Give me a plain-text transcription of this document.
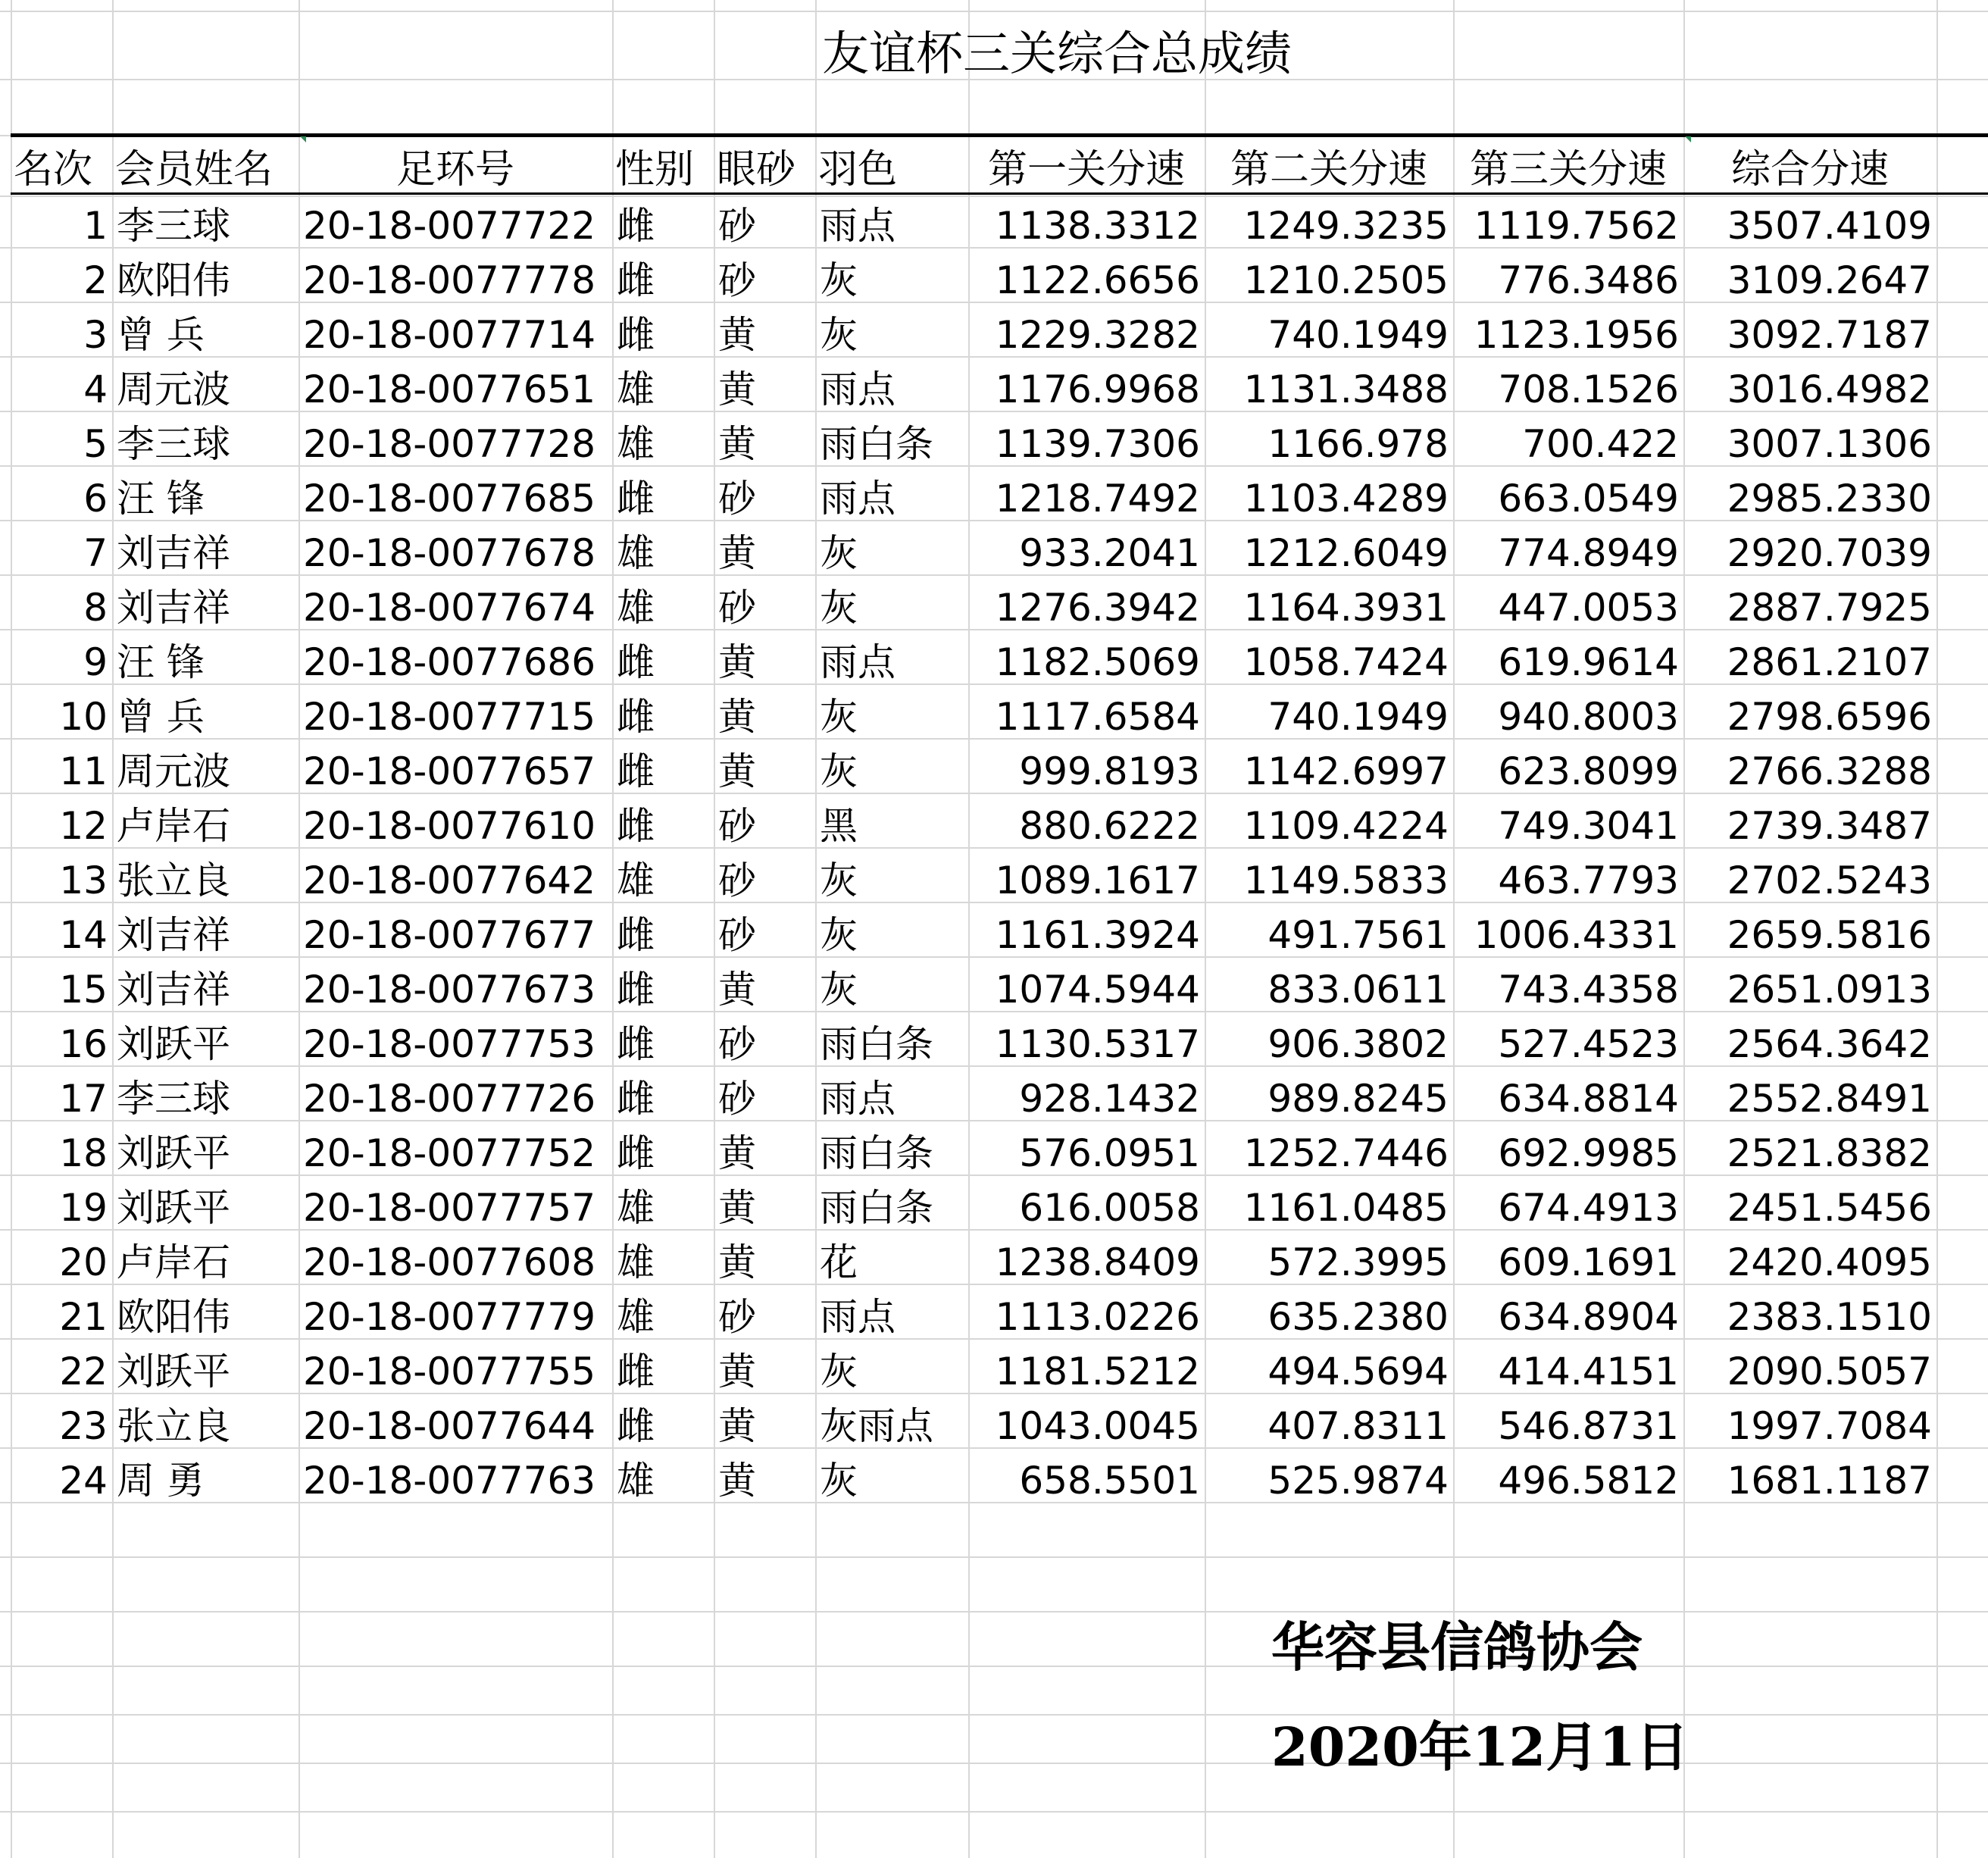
友谊杯三关综合总成绩
名次 会员姓名	足环号	性别 眼砂 羽色	第一关分速	第二关分速	第三关分速	综合分速
1 李三球	20-18-0077722 雌	砂	雨点	1138.3312	1249.3235 1119.7562	3507.4109
2 欧阳伟	20-18-0077778 雌	砂	灰	1122.6656	1210.2505	776.3486	3109.2647
3 曾 兵	20-18-0077714 雌	黄	灰	1229.3282	740.1949 1123.1956	3092.7187
4 周元波	20-18-0077651 雄	黄	雨点	1176.9968	1131.3488	708.1526	3016.4982
5 李三球	20-18-0077728 雄	黄	雨白条	1139.7306	1166.978	700.422	3007.1306
6 汪 锋	20-18-0077685 雌	砂	雨点	1218.7492	1103.4289	663.0549	2985.2330
7 刘吉祥	20-18-0077678 雄	黄	灰	933.2041	1212.6049	774.8949	2920.7039
8 刘吉祥	20-18-0077674 雄	砂	灰	1276.3942	1164.3931	447.0053	2887.7925
9 汪 锋	20-18-0077686 雌	黄	雨点	1182.5069	1058.7424	619.9614	2861.2107
10 曾 兵	20-18-0077715 雌	黄	灰	1117.6584	740.1949	940.8003	2798.6596
11 周元波	20-18-0077657 雌	黄	灰	999.8193	1142.6997	623.8099	2766.3288
12 卢岸石	20-18-0077610 雌	砂	黑	880.6222	1109.4224	749.3041	2739.3487
13 张立良	20-18-0077642 雄	砂	灰	1089.1617	1149.5833	463.7793	2702.5243
14 刘吉祥	20-18-0077677 雌	砂	灰	1161.3924	491.7561 1006.4331	2659.5816
15 刘吉祥	20-18-0077673 雌	黄	灰	1074.5944	833.0611	743.4358	2651.0913
16 刘跃平	20-18-0077753 雌	砂	雨白条	1130.5317	906.3802	527.4523	2564.3642
17 李三球	20-18-0077726 雌	砂	雨点	928.1432	989.8245	634.8814	2552.8491
18 刘跃平	20-18-0077752 雌	黄	雨白条	576.0951	1252.7446	692.9985	2521.8382
19 刘跃平	20-18-0077757 雄	黄	雨白条	616.0058	1161.0485	674.4913	2451.5456
20 卢岸石	20-18-0077608 雄	黄	花	1238.8409	572.3995	609.1691	2420.4095
21 欧阳伟	20-18-0077779 雄	砂	雨点	1113.0226	635.2380	634.8904	2383.1510
22 刘跃平	20-18-0077755 雌	黄	灰	1181.5212	494.5694	414.4151	2090.5057
23 张立良	20-18-0077644 雌	黄	灰雨点	1043.0045	407.8311	546.8731	1997.7084
24 周 勇	20-18-0077763 雄	黄	灰	658.5501	525.9874	496.5812	1681.1187
华容县信鸽协会
2020年12月1日
